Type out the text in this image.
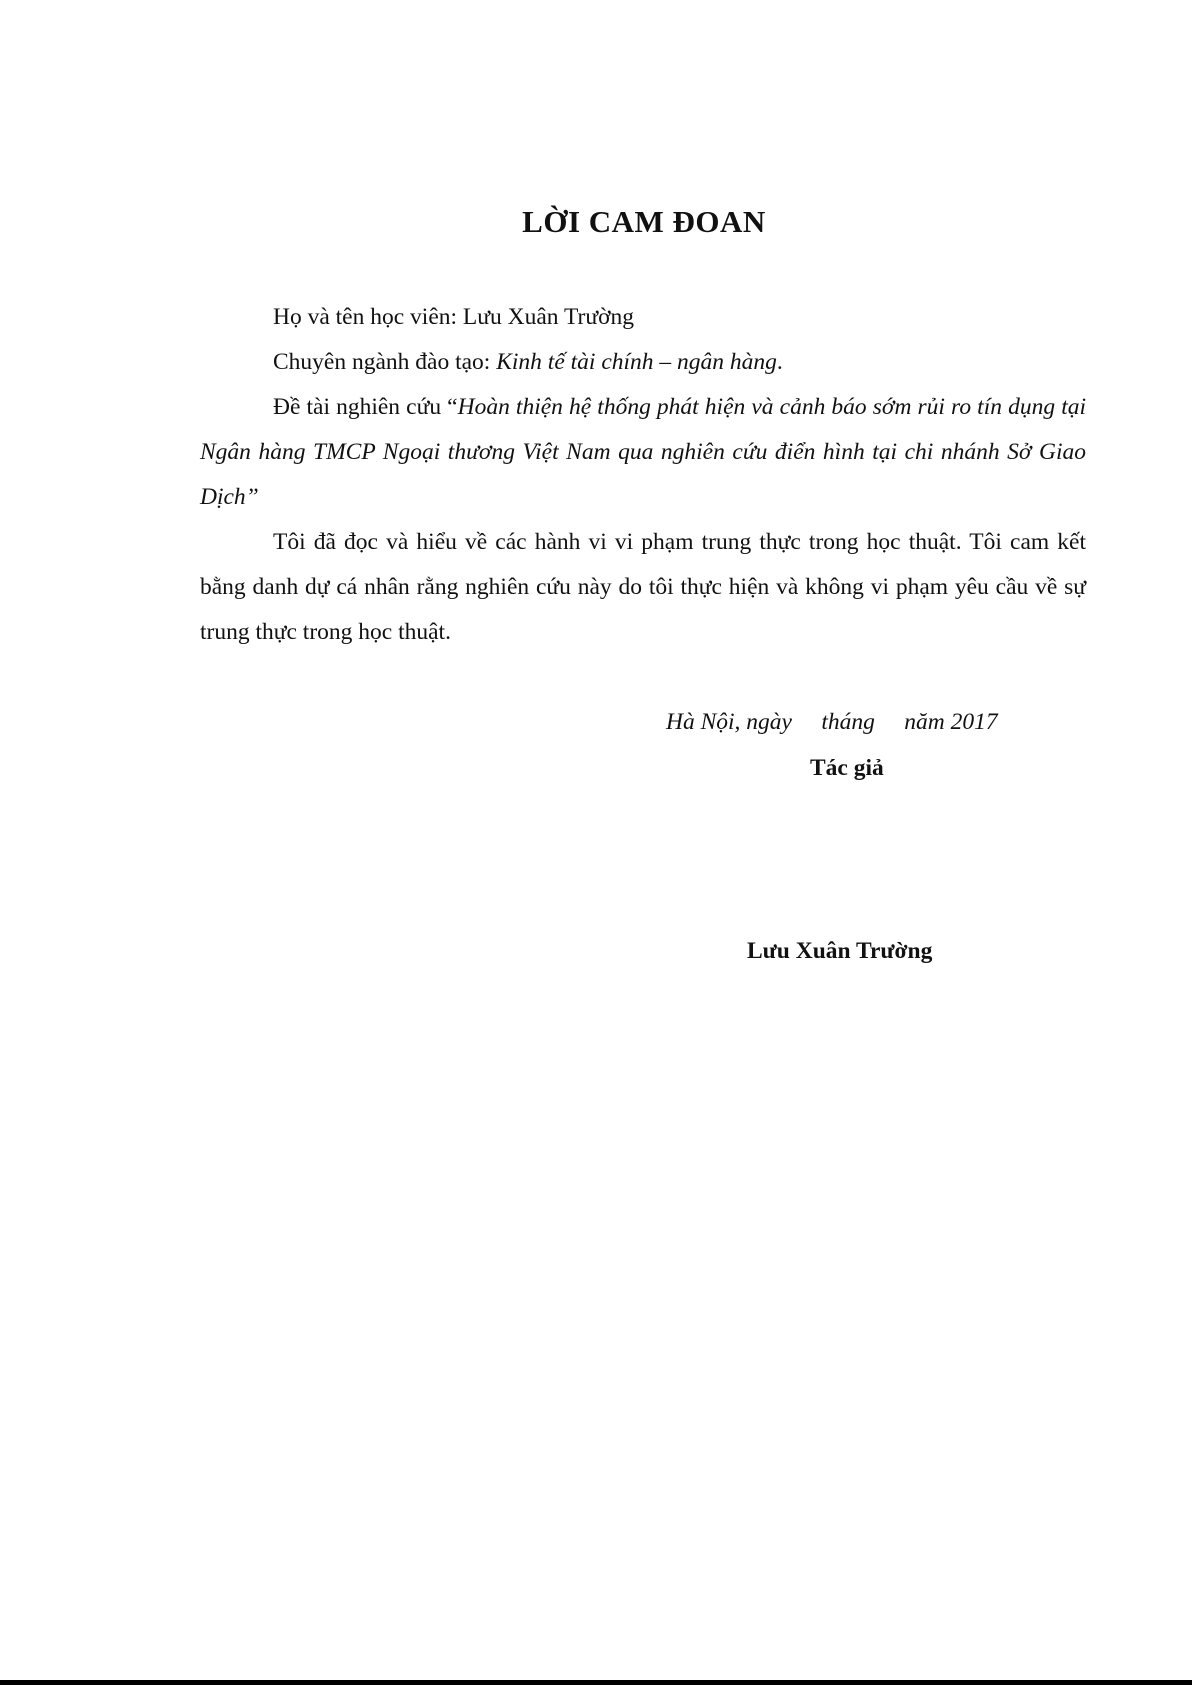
LỜI CAM ĐOAN

Họ và tên học viên: Lưu Xuân Trường

Chuyên ngành đào tạo: Kinh tế tài chính – ngân hàng.

Đề tài nghiên cứu “Hoàn thiện hệ thống phát hiện và cảnh báo sớm rủi ro tín dụng tại Ngân hàng TMCP Ngoại thương Việt Nam qua nghiên cứu điển hình tại chi nhánh Sở Giao Dịch”

Tôi đã đọc và hiểu về các hành vi vi phạm trung thực trong học thuật. Tôi cam kết bằng danh dự cá nhân rằng nghiên cứu này do tôi thực hiện và không vi phạm yêu cầu về sự trung thực trong học thuật.

Hà Nội, ngày     tháng     năm 2017
Tác giả
Lưu Xuân Trường
